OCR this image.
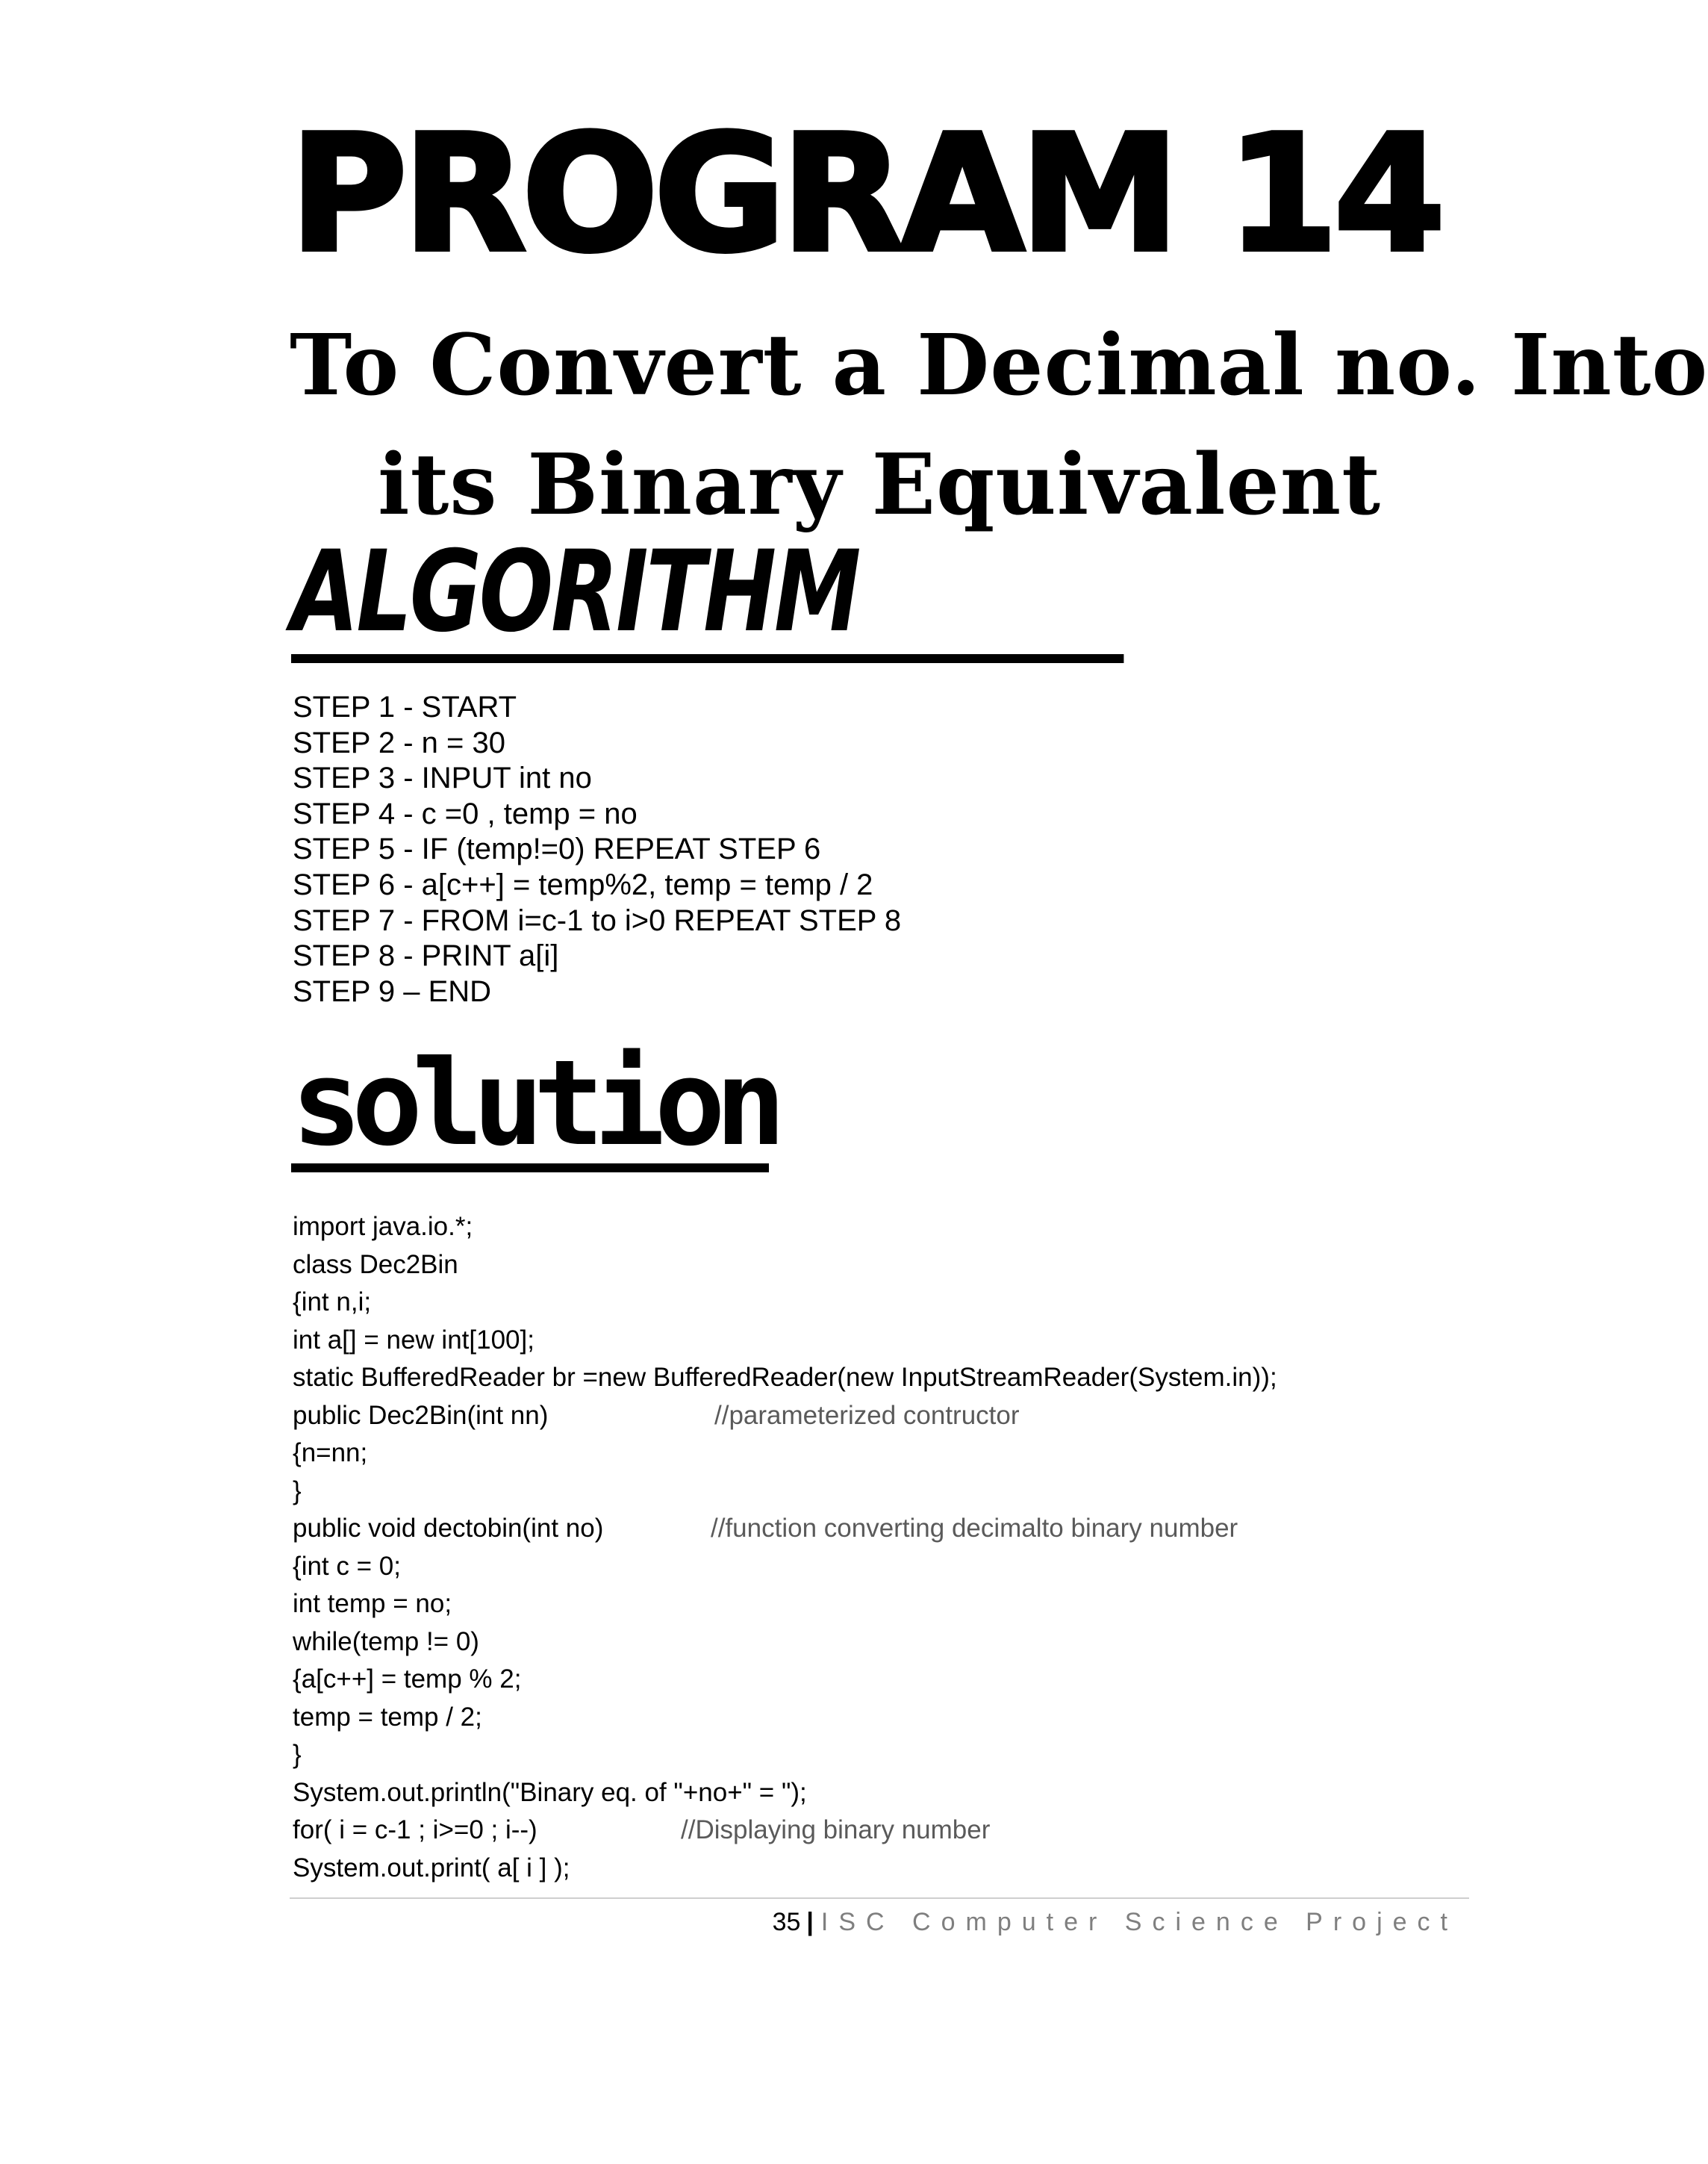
PROGRAM 14
To Convert a Decimal no. Into
its Binary Equivalent
ALGORITHM
STEP 1 - START
STEP 2 - n = 30
STEP 3 - INPUT int no
STEP 4 - c =0 , temp = no
STEP 5 - IF (temp!=0) REPEAT STEP 6
STEP 6 - a[c++] = temp%2, temp = temp / 2
STEP 7 - FROM i=c-1 to i>0 REPEAT STEP 8
STEP 8 - PRINT a[i]
STEP 9 – END
solution
import java.io.*;
class Dec2Bin
{int n,i;
int a[] = new int[100];
static BufferedReader br =new BufferedReader(new InputStreamReader(System.in));
public Dec2Bin(int nn)	//parameterized contructor
{n=nn;
}
public void dectobin(int no)	//function converting decimalto binary number
{int c = 0;
int temp = no;
while(temp != 0)
{a[c++] = temp % 2;
temp = temp / 2;
}
System.out.println("Binary eq. of "+no+" = ");
for( i = c-1 ; i>=0 ; i--)	//Displaying binary number
System.out.print( a[ i ] );
35 | ISC Computer Science Project
